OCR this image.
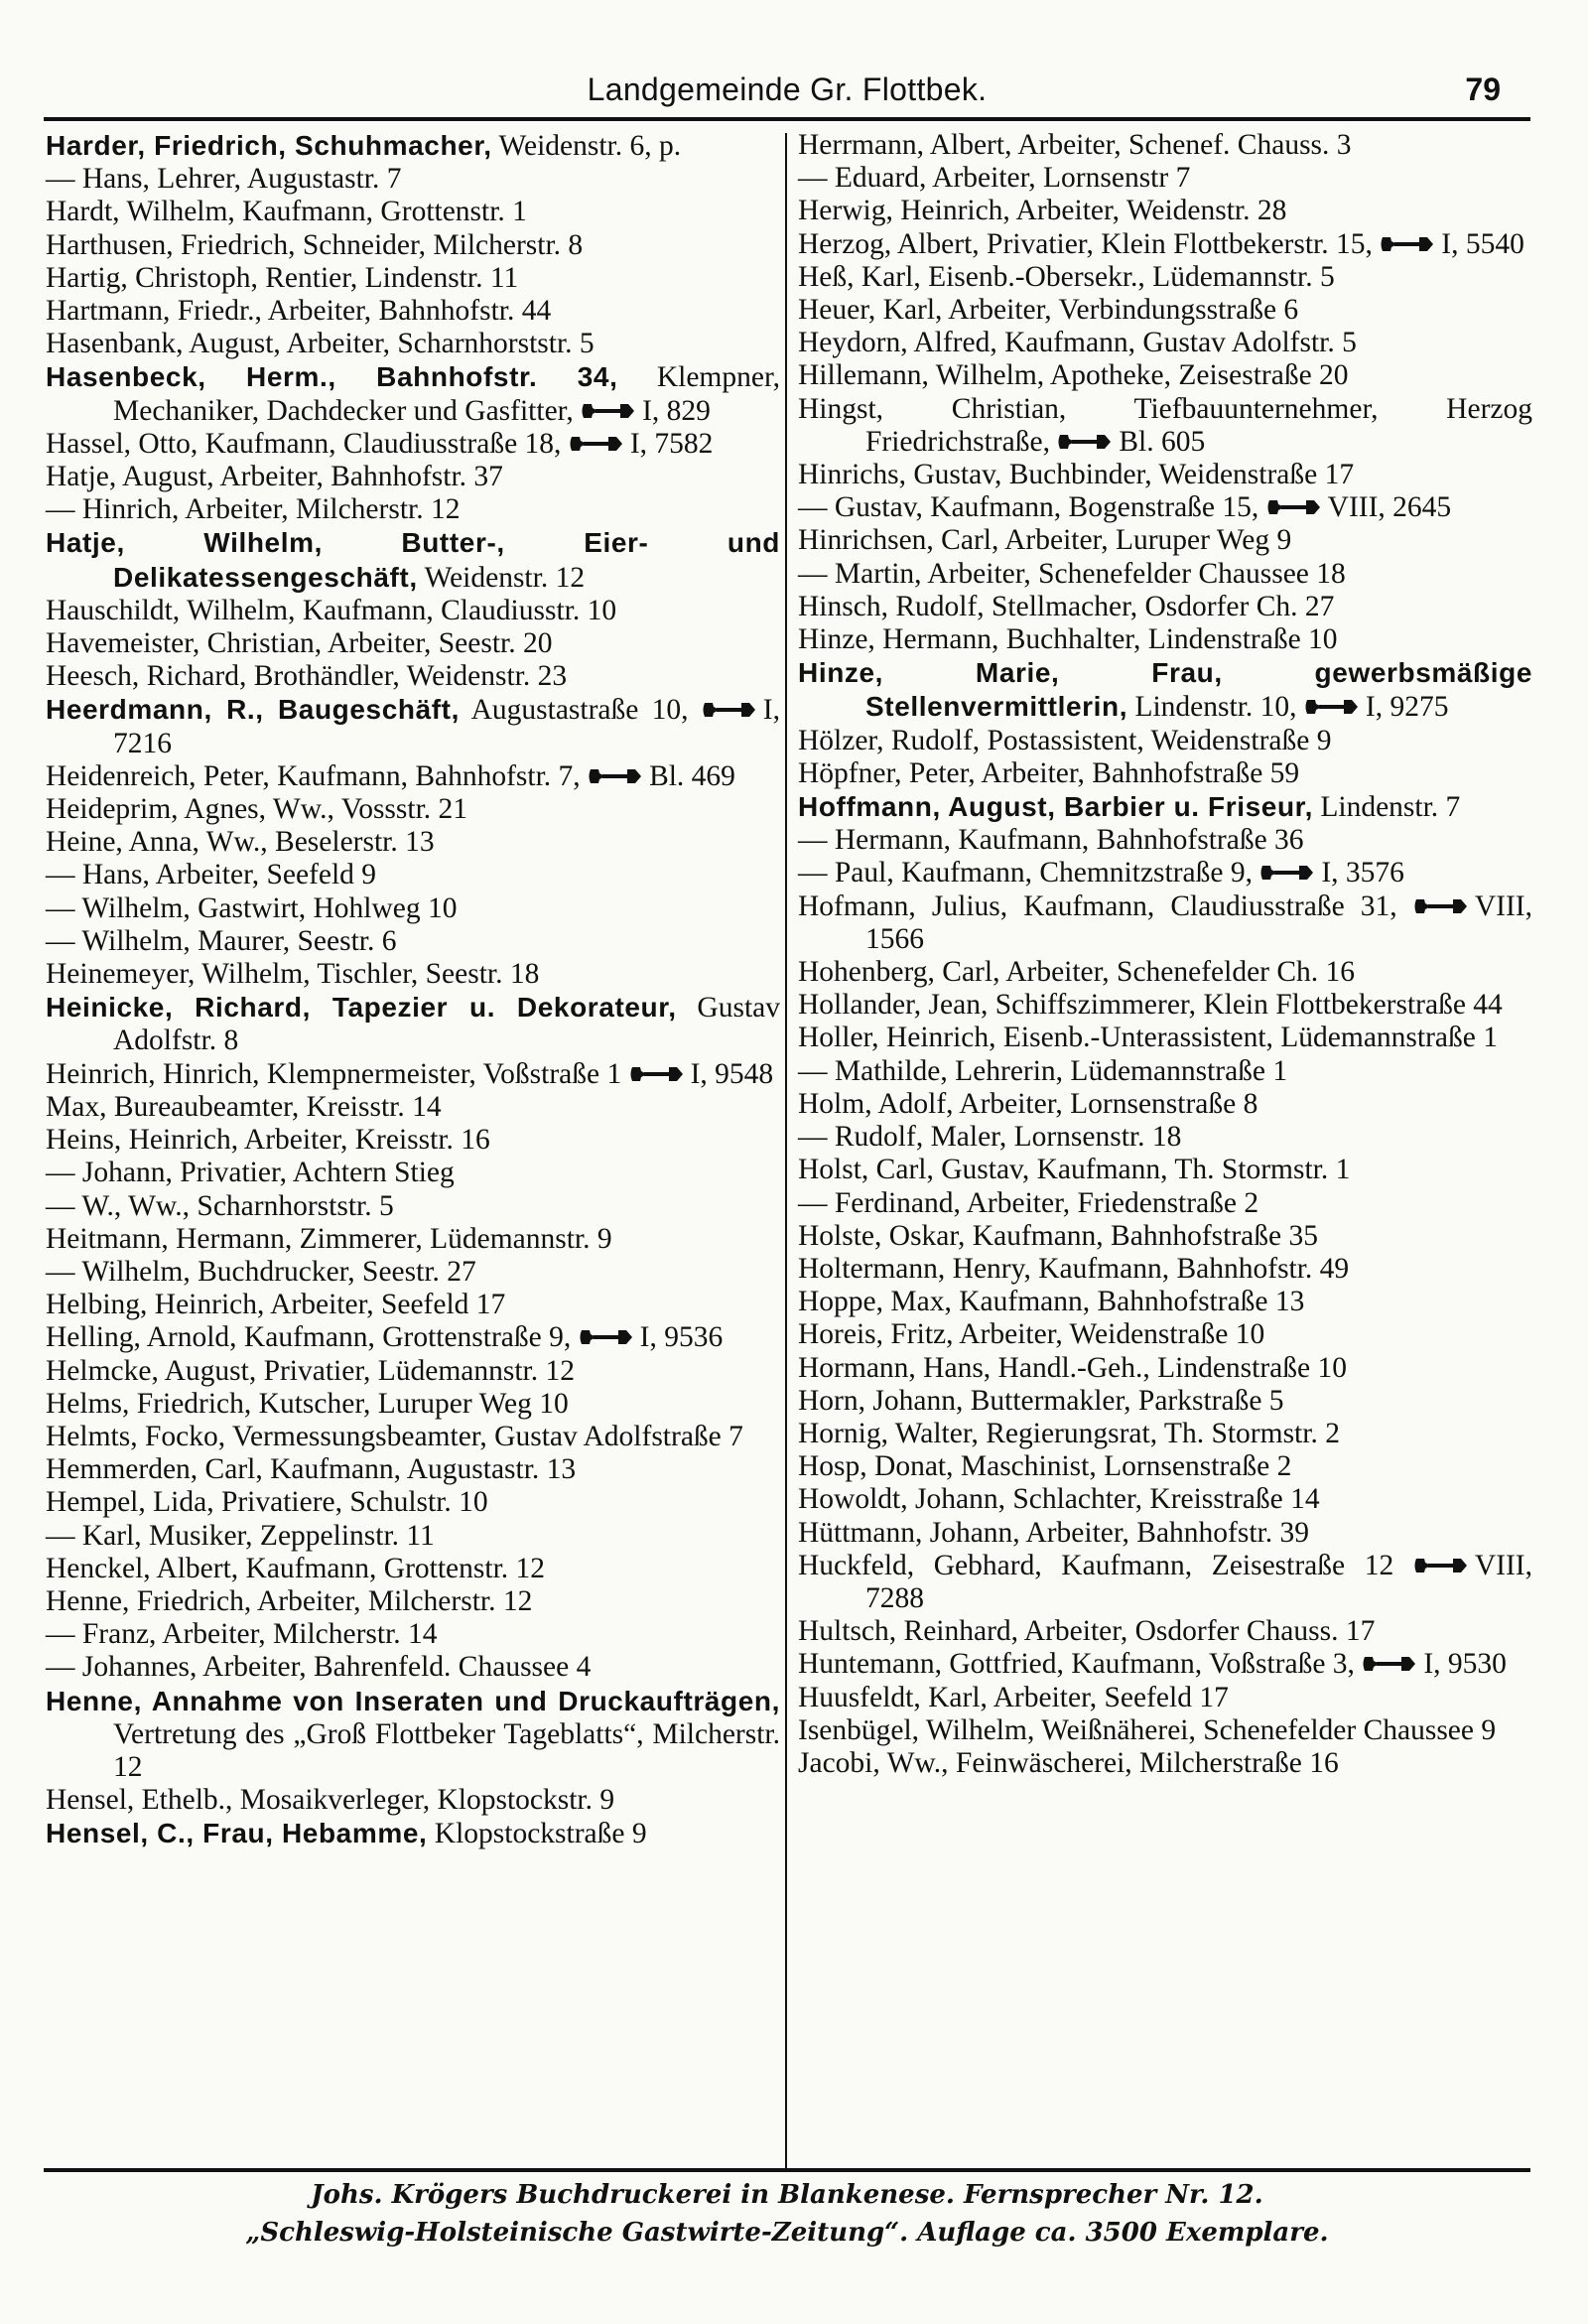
Landgemeinde Gr. Flottbek.	79
Harder, Friedrich, Schuhmacher, Weidenstr. 6, p.
— Hans, Lehrer, Augustastr. 7
Hardt, Wilhelm, Kaufmann, Grottenstr. 1
Harthusen, Friedrich, Schneider, Milcherstr. 8
Hartig, Christoph, Rentier, Lindenstr. 11
Hartmann, Friedr., Arbeiter, Bahnhofstr. 44
Hasenbank, August, Arbeiter, Scharnhorststr. 5
Hasenbeck, Herm., Bahnhofstr. 34, Klempner, Mechaniker, Dachdecker und Gasfitter, I, 829
Hassel, Otto, Kaufmann, Claudiusstraße 18, I, 7582
Hatje, August, Arbeiter, Bahnhofstr. 37
— Hinrich, Arbeiter, Milcherstr. 12
Hatje, Wilhelm, Butter-, Eier- und Delikatessengeschäft, Weidenstr. 12
Hauschildt, Wilhelm, Kaufmann, Claudiusstr. 10
Havemeister, Christian, Arbeiter, Seestr. 20
Heesch, Richard, Brothändler, Weidenstr. 23
Heerdmann, R., Baugeschäft, Augustastraße 10,	I, 7216
Heidenreich, Peter, Kaufmann, Bahnhofstr. 7, Bl. 469
Heideprim, Agnes, Ww., Vossstr. 21
Heine, Anna, Ww., Beselerstr. 13
— Hans, Arbeiter, Seefeld 9
— Wilhelm, Gastwirt, Hohlweg 10
— Wilhelm, Maurer, Seestr. 6
Heinemeyer, Wilhelm, Tischler, Seestr. 18
Heinicke, Richard, Tapezier u. Dekorateur, Gustav Adolfstr. 8
Heinrich, Hinrich, Klempnermeister, Voßstraße 1 I, 9548
Max, Bureaubeamter, Kreisstr. 14
Heins, Heinrich, Arbeiter, Kreisstr. 16
— Johann, Privatier, Achtern Stieg
— W., Ww., Scharnhorststr. 5
Heitmann, Hermann, Zimmerer, Lüdemannstr. 9
— Wilhelm, Buchdrucker, Seestr. 27
Helbing, Heinrich, Arbeiter, Seefeld 17
Helling, Arnold, Kaufmann, Grottenstraße 9, I, 9536
Helmcke, August, Privatier, Lüdemannstr. 12
Helms, Friedrich, Kutscher, Luruper Weg 10
Helmts, Focko, Vermessungsbeamter, Gustav Adolfstraße 7
Hemmerden, Carl, Kaufmann, Augustastr. 13
Hempel, Lida, Privatiere, Schulstr. 10
— Karl, Musiker, Zeppelinstr. 11
Henckel, Albert, Kaufmann, Grottenstr. 12
Henne, Friedrich, Arbeiter, Milcherstr. 12
— Franz, Arbeiter, Milcherstr. 14
— Johannes, Arbeiter, Bahrenfeld. Chaussee 4
Henne, Annahme von Inseraten und Druckaufträgen, Vertretung des „Groß Flottbeker Tageblatts“, Milcherstr. 12
Hensel, Ethelb., Mosaikverleger, Klopstockstr. 9
Hensel, C., Frau, Hebamme, Klopstockstraße 9
Herrmann, Albert, Arbeiter, Schenef. Chauss. 3
— Eduard, Arbeiter, Lornsenstr 7
Herwig, Heinrich, Arbeiter, Weidenstr. 28
Herzog, Albert, Privatier, Klein Flottbekerstr. 15, I, 5540
Heß, Karl, Eisenb.-Obersekr., Lüdemannstr. 5
Heuer, Karl, Arbeiter, Verbindungsstraße 6
Heydorn, Alfred, Kaufmann, Gustav Adolfstr. 5
Hillemann, Wilhelm, Apotheke, Zeisestraße 20
Hingst, Christian, Tiefbauunternehmer, Herzog Friedrichstraße, Bl. 605
Hinrichs, Gustav, Buchbinder, Weidenstraße 17
— Gustav, Kaufmann, Bogenstraße 15, VIII, 2645
Hinrichsen, Carl, Arbeiter, Luruper Weg 9
— Martin, Arbeiter, Schenefelder Chaussee 18
Hinsch, Rudolf, Stellmacher, Osdorfer Ch. 27
Hinze, Hermann, Buchhalter, Lindenstraße 10
Hinze, Marie, Frau, gewerbsmäßige Stellenvermittlerin, Lindenstr. 10, I, 9275
Hölzer, Rudolf, Postassistent, Weidenstraße 9
Höpfner, Peter, Arbeiter, Bahnhofstraße 59
Hoffmann, August, Barbier u. Friseur, Lindenstr. 7
— Hermann, Kaufmann, Bahnhofstraße 36
— Paul, Kaufmann, Chemnitzstraße 9, I, 3576
Hofmann, Julius, Kaufmann, Claudiusstraße 31,	VIII, 1566
Hohenberg, Carl, Arbeiter, Schenefelder Ch. 16
Hollander, Jean, Schiffszimmerer, Klein Flottbekerstraße 44
Holler, Heinrich, Eisenb.-Unterassistent, Lüdemannstraße 1
— Mathilde, Lehrerin, Lüdemannstraße 1
Holm, Adolf, Arbeiter, Lornsenstraße 8
— Rudolf, Maler, Lornsenstr. 18
Holst, Carl, Gustav, Kaufmann, Th. Stormstr. 1
— Ferdinand, Arbeiter, Friedenstraße 2
Holste, Oskar, Kaufmann, Bahnhofstraße 35
Holtermann, Henry, Kaufmann, Bahnhofstr. 49
Hoppe, Max, Kaufmann, Bahnhofstraße 13
Horeis, Fritz, Arbeiter, Weidenstraße 10
Hormann, Hans, Handl.-Geh., Lindenstraße 10
Horn, Johann, Buttermakler, Parkstraße 5
Hornig, Walter, Regierungsrat, Th. Stormstr. 2
Hosp, Donat, Maschinist, Lornsenstraße 2
Howoldt, Johann, Schlachter, Kreisstraße 14
Hüttmann, Johann, Arbeiter, Bahnhofstr. 39
Huckfeld, Gebhard, Kaufmann, Zeisestraße 12	VIII, 7288
Hultsch, Reinhard, Arbeiter, Osdorfer Chauss. 17
Huntemann, Gottfried, Kaufmann, Voßstraße 3, I, 9530
Huusfeldt, Karl, Arbeiter, Seefeld 17
Isenbügel, Wilhelm, Weißnäherei, Schenefelder Chaussee 9
Jacobi, Ww., Feinwäscherei, Milcherstraße 16
Johs. Krögers Buchdruckerei in Blankenese. Fernsprecher Nr. 12.
„Schleswig-Holsteinische Gastwirte-Zeitung“. Auflage ca. 3500 Exemplare.
